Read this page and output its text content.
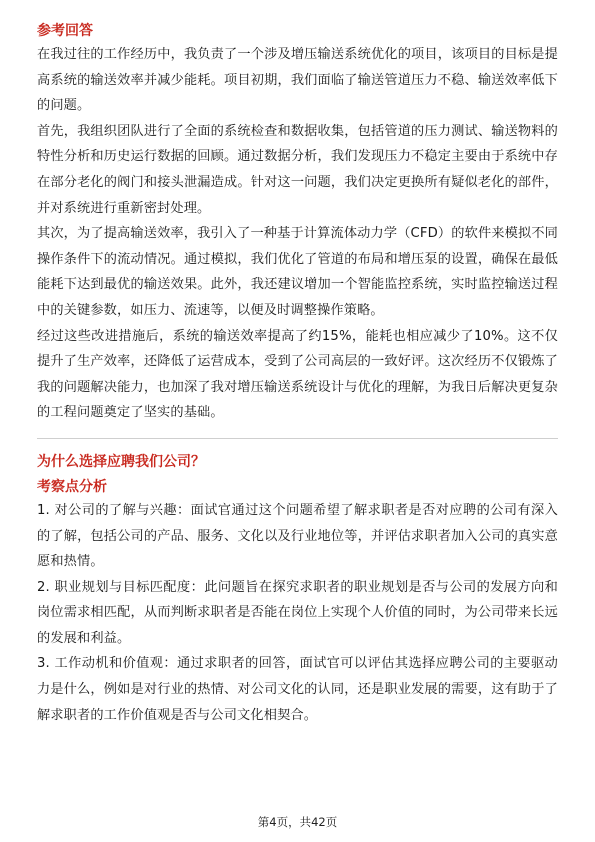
参考回答

在我过往的工作经历中，我负责了一个涉及增压输送系统优化的项目，该项目的目标是提高系统的输送效率并减少能耗。项目初期，我们面临了输送管道压力不稳、输送效率低下的问题。

首先，我组织团队进行了全面的系统检查和数据收集，包括管道的压力测试、输送物料的特性分析和历史运行数据的回顾。通过数据分析，我们发现压力不稳定主要由于系统中存在部分老化的阀门和接头泄漏造成。针对这一问题，我们决定更换所有疑似老化的部件，并对系统进行重新密封处理。

其次，为了提高输送效率，我引入了一种基于计算流体动力学（CFD）的软件来模拟不同操作条件下的流动情况。通过模拟，我们优化了管道的布局和增压泵的设置，确保在最低能耗下达到最优的输送效果。此外，我还建议增加一个智能监控系统，实时监控输送过程中的关键参数，如压力、流速等，以便及时调整操作策略。

经过这些改进措施后，系统的输送效率提高了约15%，能耗也相应减少了10%。这不仅提升了生产效率，还降低了运营成本，受到了公司高层的一致好评。这次经历不仅锻炼了我的问题解决能力，也加深了我对增压输送系统设计与优化的理解，为我日后解决更复杂的工程问题奠定了坚实的基础。

为什么选择应聘我们公司？
考察点分析

1. 对公司的了解与兴趣：面试官通过这个问题希望了解求职者是否对应聘的公司有深入的了解，包括公司的产品、服务、文化以及行业地位等，并评估求职者加入公司的真实意愿和热情。

2. 职业规划与目标匹配度：此问题旨在探究求职者的职业规划是否与公司的发展方向和岗位需求相匹配，从而判断求职者是否能在岗位上实现个人价值的同时，为公司带来长远的发展和利益。

3. 工作动机和价值观：通过求职者的回答，面试官可以评估其选择应聘公司的主要驱动力是什么，例如是对行业的热情、对公司文化的认同，还是职业发展的需要，这有助于了解求职者的工作价值观是否与公司文化相契合。

第4页，共42页
